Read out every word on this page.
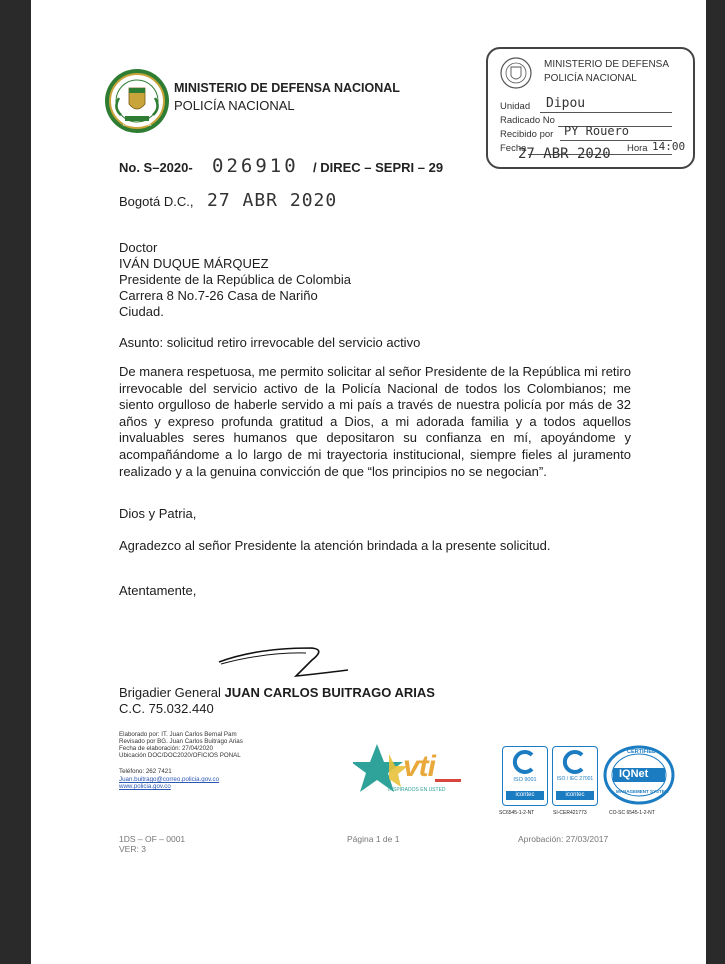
DIOS Y PATRIA
MINISTERIO DE DEFENSA NACIONAL
POLICÍA NACIONAL
MINISTERIO DE DEFENSA
POLICÍA NACIONAL
Unidad Dipou
Radicado No
Recibido por PY Rouero
Fecha
27 ABR 2020 Hora 14:00
No. S–2020- 026910 / DIREC – SEPRI – 29
Bogotá D.C., 27 ABR 2020
Doctor
IVÁN DUQUE MÁRQUEZ
Presidente de la República de Colombia
Carrera 8 No.7-26 Casa de Nariño
Ciudad.
Asunto: solicitud retiro irrevocable del servicio activo
De manera respetuosa, me permito solicitar al señor Presidente de la República mi retiro irrevocable del servicio activo de la Policía Nacional de todos los Colombianos; me siento orgulloso de haberle servido a mi país a través de nuestra policía por más de 32 años y expreso profunda gratitud a Dios, a mi adorada familia y a todos aquellos invaluables seres humanos que depositaron su confianza en mí, apoyándome y acompañándome a lo largo de mi trayectoria institucional, siempre fieles al juramento realizado y a la genuina convicción de que “los principios no se negocian”.
Dios y Patria,
Agradezco al señor Presidente la atención brindada a la presente solicitud.
Atentamente,
Brigadier General JUAN CARLOS BUITRAGO ARIAS
C.C. 75.032.440
Elaborado por: IT. Juan Carlos Bernal Pam
Revisado por BG. Juan Carlos Buitrago Arias
Fecha de elaboración: 27/04/2020
Ubicación DOC/DOC2020/OFICIOS PONAL
Teléfono: 262 7421
Juan.buitrago@correo.policia.gov.co
www.policia.gov.co
vti
INSPIRADOS EN USTED
ISO 9001
icontec
SC6545-1-2-NT
ISO / IEC 27001
icontec
SI-CER421773
CERTIFIED
IQNet
MANAGEMENT SYSTEM
CO-SC 6545-1-2-NT
1DS – OF – 0001
VER: 3
Página 1 de 1	Aprobación: 27/03/2017
